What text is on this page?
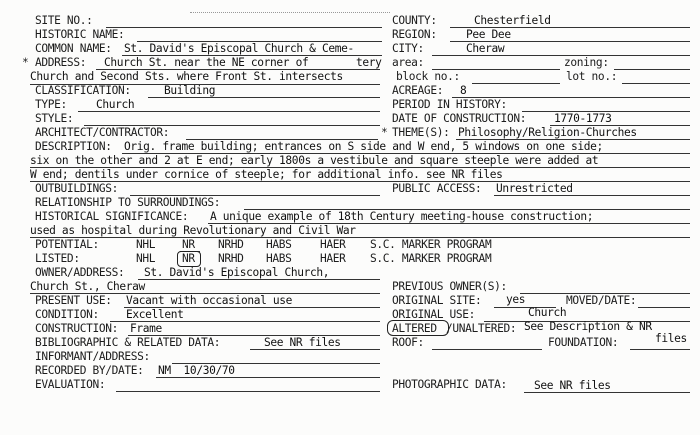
SITE NO.:
HISTORIC NAME:
COMMON NAME: St. David's Episcopal Church & Ceme-
* ADDRESS: Church St. near the NE corner of	tery
Church and Second Sts. where Front St. intersects
CLASSIFICATION:	Building
TYPE:	Church
STYLE:
ARCHITECT/CONTRACTOR:
DESCRIPTION: Orig. frame building; entrances on S side and W end, 5 windows on one side;
six on the other and 2 at E end; early 1800s a vestibule and square steeple were added at
W end; dentils under cornice of steeple; for additional info. see NR files
OUTBUILDINGS:
RELATIONSHIP TO SURROUNDINGS:
HISTORICAL SIGNIFICANCE: A unique example of 18th Century meeting-house construction;
used as hospital during Revolutionary and Civil War
POTENTIAL:	NHL NR NRHD HABS	HAER S.C. MARKER PROGRAM
LISTED:	NHL NR NRHD HABS	HAER S.C. MARKER PROGRAM
OWNER/ADDRESS: St. David's Episcopal Church,
Church St., Cheraw
PRESENT USE: Vacant with occasional use
CONDITION: Excellent
CONSTRUCTION: Frame
BIBLIOGRAPHIC & RELATED DATA:	See NR files
INFORMANT/ADDRESS:
RECORDED BY/DATE: NM  10/30/70
EVALUATION:
COUNTY:	Chesterfield
REGION:	Pee Dee
CITY:	Cheraw
area:	zoning:
block no.:	lot no.:
ACREAGE: 8
PERIOD IN HISTORY:
DATE OF CONSTRUCTION: 1770-1773
* THEME(S): Philosophy/Religion-Churches
PUBLIC ACCESS: Unrestricted
PREVIOUS OWNER(S):
ORIGINAL SITE: yes	MOVED/DATE:
ORIGINAL USE:	Church
ALTERED /UNALTERED: See Description & NR
files
ROOF:	FOUNDATION:
PHOTOGRAPHIC DATA: See NR files
